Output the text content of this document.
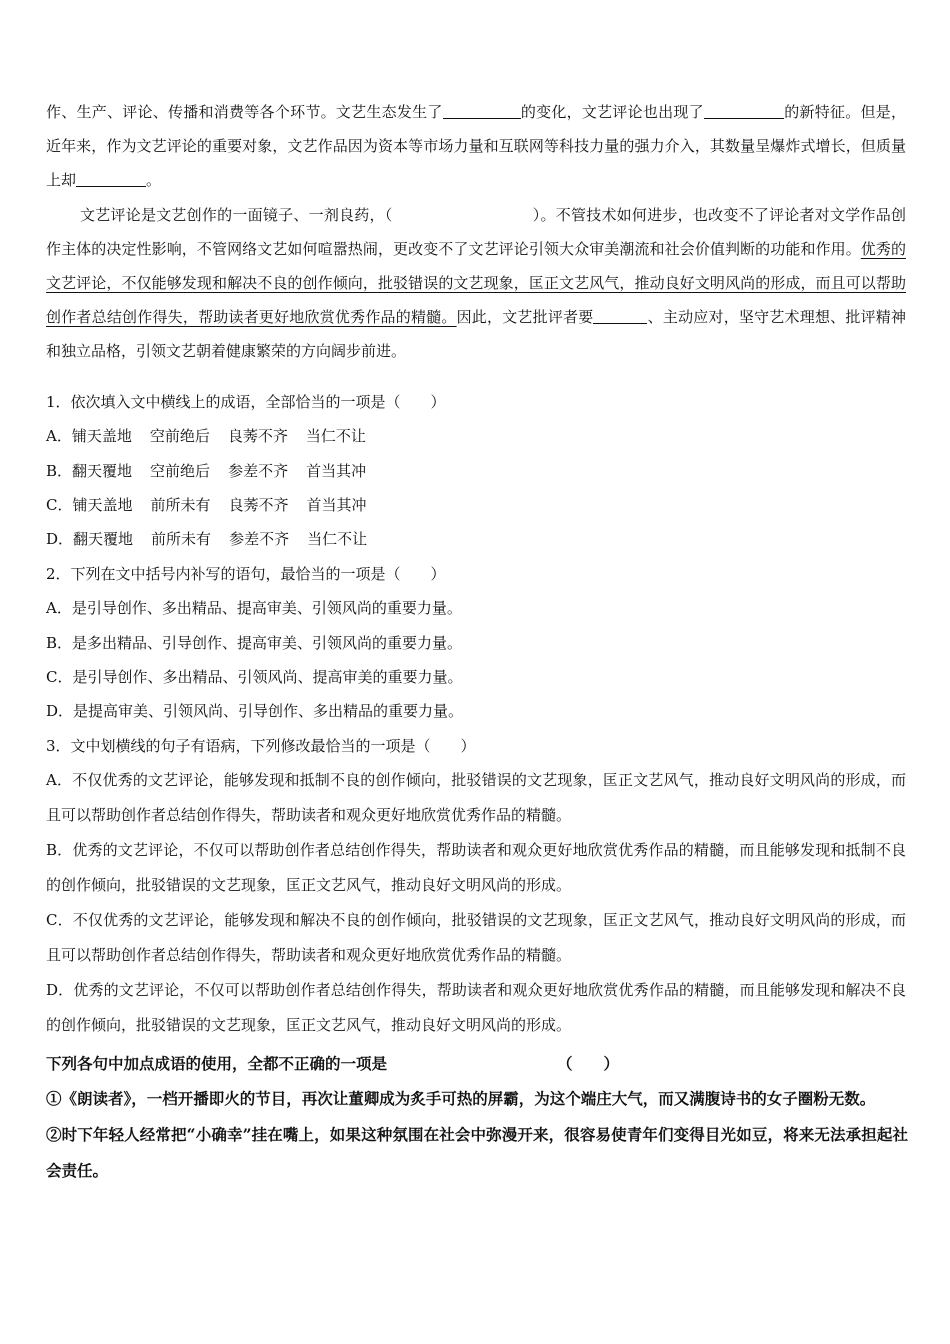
作、生产、评论、传播和消费等各个环节。文艺生态发生了	的变化，文艺评论也出现了	的新特征。但是，近年来，作为文艺评论的重要对象，文艺作品因为资本等市场力量和互联网等科技力量的强力介入，其数量呈爆炸式增长，但质量上却	。

文艺评论是文艺创作的一面镜子、一剂良药，（	）。不管技术如何进步，也改变不了评论者对文学作品创作主体的决定性影响，不管网络文艺如何喧嚣热闹，更改变不了文艺评论引领大众审美潮流和社会价值判断的功能和作用。优秀的文艺评论，不仅能够发现和解决不良的创作倾向，批驳错误的文艺现象，匡正文艺风气，推动良好文明风尚的形成，而且可以帮助创作者总结创作得失，帮助读者更好地欣赏优秀作品的精髓。因此，文艺批评者要	、主动应对，坚守艺术理想、批评精神和独立品格，引领文艺朝着健康繁荣的方向阔步前进。

1．依次填入文中横线上的成语，全部恰当的一项是（　　）

A．铺天盖地 空前绝后 良莠不齐 当仁不让

B．翻天覆地 空前绝后 参差不齐 首当其冲

C．铺天盖地 前所未有 良莠不齐 首当其冲

D．翻天覆地 前所未有 参差不齐 当仁不让

2．下列在文中括号内补写的语句，最恰当的一项是（　　）

A．是引导创作、多出精品、提高审美、引领风尚的重要力量。

B．是多出精品、引导创作、提高审美、引领风尚的重要力量。

C．是引导创作、多出精品、引领风尚、提高审美的重要力量。

D．是提高审美、引领风尚、引导创作、多出精品的重要力量。

3．文中划横线的句子有语病，下列修改最恰当的一项是（　　）

A．不仅优秀的文艺评论，能够发现和抵制不良的创作倾向，批驳错误的文艺现象，匡正文艺风气，推动良好文明风尚的形成，而且可以帮助创作者总结创作得失，帮助读者和观众更好地欣赏优秀作品的精髓。

B．优秀的文艺评论，不仅可以帮助创作者总结创作得失，帮助读者和观众更好地欣赏优秀作品的精髓，而且能够发现和抵制不良的创作倾向，批驳错误的文艺现象，匡正文艺风气，推动良好文明风尚的形成。

C．不仅优秀的文艺评论，能够发现和解决不良的创作倾向，批驳错误的文艺现象，匡正文艺风气，推动良好文明风尚的形成，而且可以帮助创作者总结创作得失，帮助读者和观众更好地欣赏优秀作品的精髓。

D．优秀的文艺评论，不仅可以帮助创作者总结创作得失，帮助读者和观众更好地欣赏优秀作品的精髓，而且能够发现和解决不良的创作倾向，批驳错误的文艺现象，匡正文艺风气，推动良好文明风尚的形成。

下列各句中加点成语的使用，全都不正确的一项是	（　　）

①《朗读者》，一档开播即火的节目，再次让董卿成为炙手可热的屏霸，为这个端庄大气，而又满腹诗书的女子圈粉无数。

②时下年轻人经常把“小确幸”挂在嘴上，如果这种氛围在社会中弥漫开来，很容易使青年们变得目光如豆，将来无法承担起社会责任。
